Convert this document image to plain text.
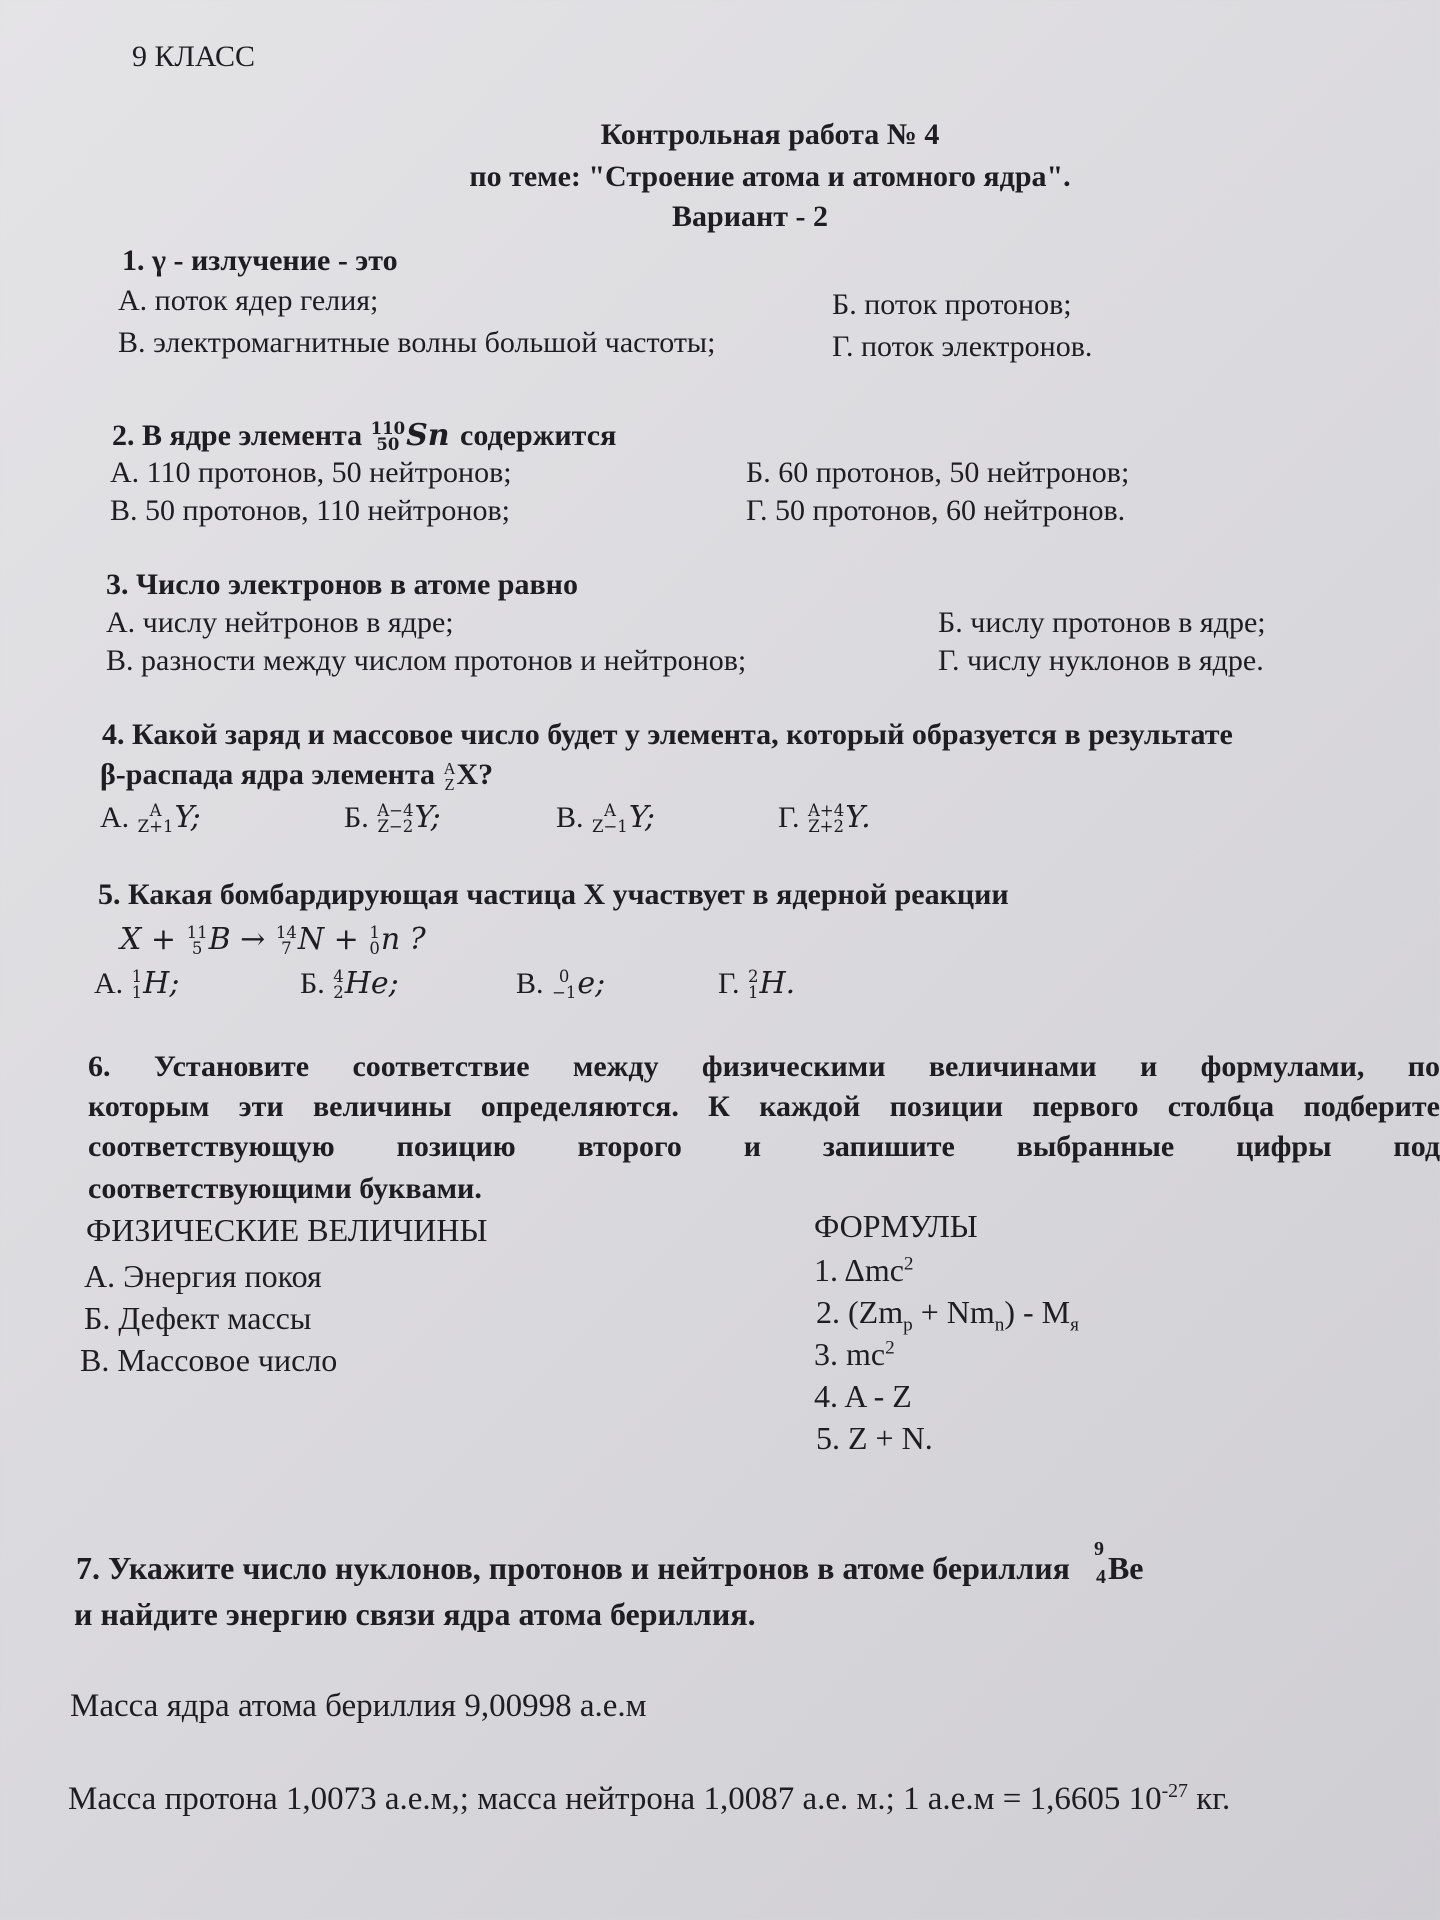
9 КЛАСС
Контрольная работа № 4
по теме: "Строение атома и атомного ядра".
Вариант - 2
1. γ - излучение - это
А. поток ядер гелия;	Б. поток протонов;
В. электромагнитные волны большой частоты;	Г. поток электронов.
2. В ядре элемента 110
50 Sn содержится
А. 110 протонов, 50 нейтронов;	Б. 60 протонов, 50 нейтронов;
В. 50 протонов, 110 нейтронов;	Г. 50 протонов, 60 нейтронов.
3. Число электронов в атоме равно
А. числу нейтронов в ядре;	Б. числу протонов в ядре;
В. разности между числом протонов и нейтронов;	Г. числу нуклонов в ядре.
4. Какой заряд и массовое число будет у элемента, который образуется в результате
β-распада ядра элемента A
Z X?
А.	A
Z+1 Y;	Б. A−4
Z−2 Y;	В.	A
Z−1 Y;	Г. A+4
Z+2 Y.
5. Какая бомбардирующая частица X участвует в ядерной реакции
X + 11
5 B → 14
7 N + 1
0 n ?
А. 1
1 H;	Б. 4
2 He;	В. 0
−1 e;	Г. 2
1 H.
6. Установите соответствие между физическими величинами и формулами, по
которым эти величины определяются. К каждой позиции первого столбца подберите
соответствующую позицию второго и запишите выбранные цифры под
соответствующими буквами.
ФИЗИЧЕСКИЕ ВЕЛИЧИНЫ
А. Энергия покоя
Б. Дефект массы
В. Массовое число
ФОРМУЛЫ
1. Δmc$^2$
2. $(Zm_p + Nm_n) - M_я$
3. $mc^2$
4. A - Z
5. Z + N.
7. Укажите число нуклонов, протонов и нейтронов в атоме бериллия
9
4 Be
и найдите энергию связи ядра атома бериллия.
Масса ядра атома бериллия 9,00998 а.е.м
Масса протона 1,0073 а.е.м,; масса нейтрона 1,0087 а.е. м.; 1 а.е.м = 1,6605 $10^{-27}$ кг.
